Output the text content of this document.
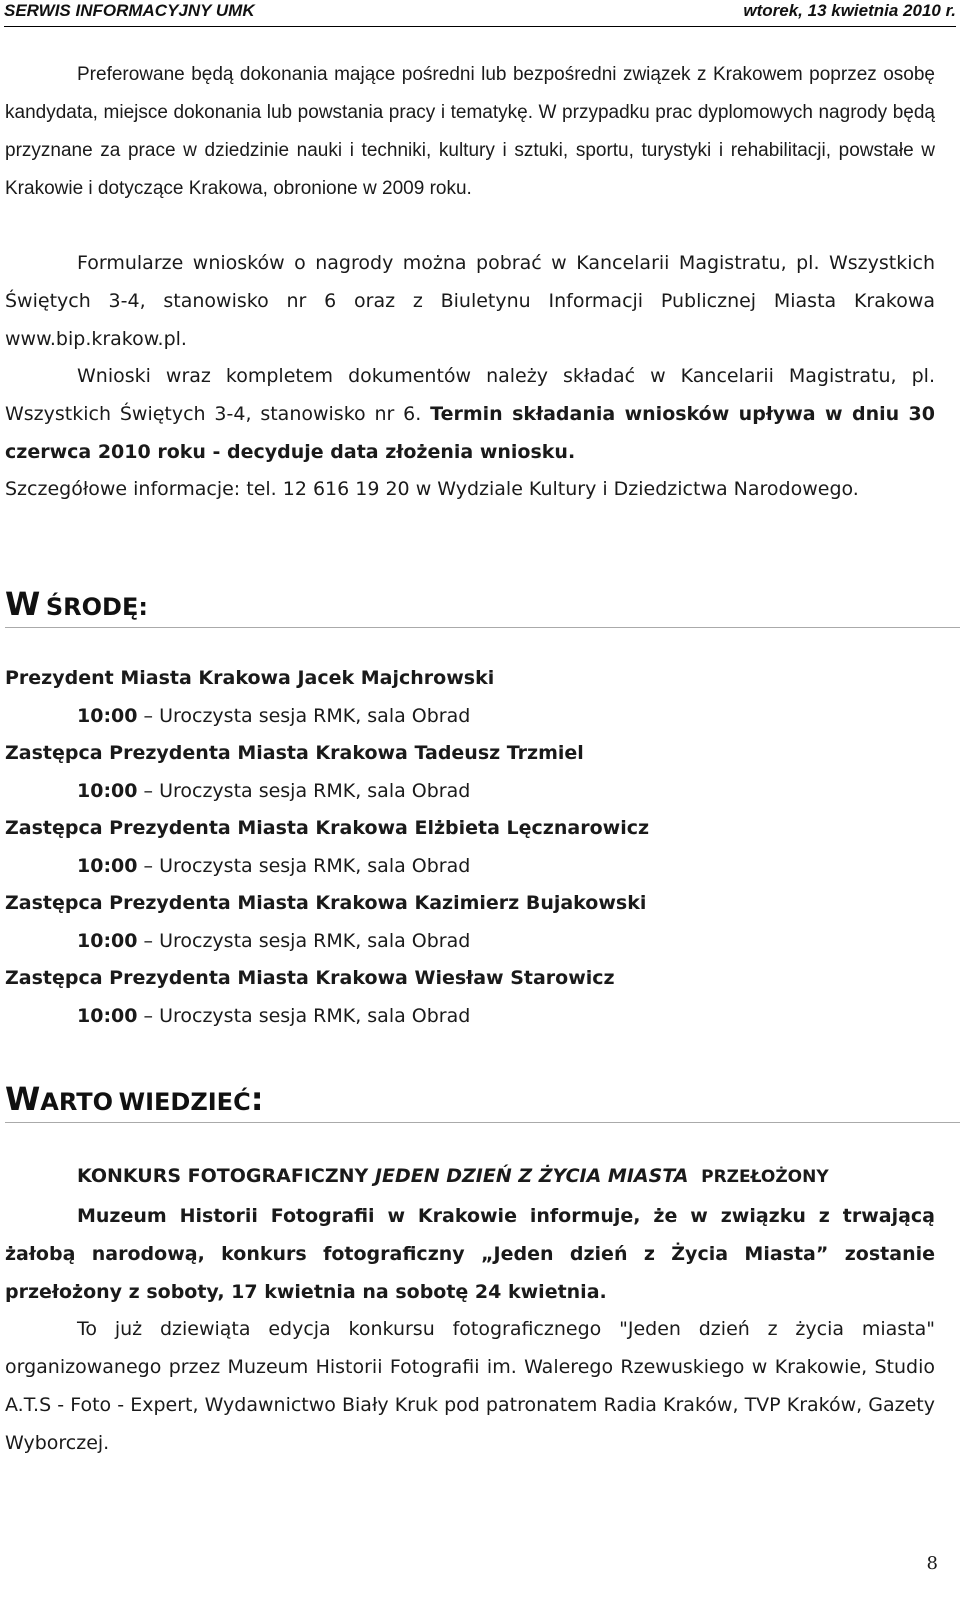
SERWIS INFORMACYJNY UMK	wtorek, 13 kwietnia 2010 r.

Preferowane będą dokonania mające pośredni lub bezpośredni związek z Krakowem poprzez osobę kandydata, miejsce dokonania lub powstania pracy i tematykę. W przypadku prac dyplomowych nagrody będą przyznane za prace w dziedzinie nauki i techniki, kultury i sztuki, sportu, turystyki i rehabilitacji, powstałe w Krakowie i dotyczące Krakowa, obronione w 2009 roku.

Formularze wniosków o nagrody można pobrać w Kancelarii Magistratu, pl. Wszystkich Świętych 3-4, stanowisko nr 6 oraz z Biuletynu Informacji Publicznej Miasta Krakowa www.bip.krakow.pl.

Wnioski wraz kompletem dokumentów należy składać w Kancelarii Magistratu, pl. Wszystkich Świętych 3-4, stanowisko nr 6. Termin składania wniosków upływa w dniu 30 czerwca 2010 roku - decyduje data złożenia wniosku.

Szczegółowe informacje: tel. 12 616 19 20 w Wydziale Kultury i Dziedzictwa Narodowego.

W ŚRODĘ:
Prezydent Miasta Krakowa Jacek Majchrowski
10:00 – Uroczysta sesja RMK, sala Obrad
Zastępca Prezydenta Miasta Krakowa Tadeusz Trzmiel
10:00 – Uroczysta sesja RMK, sala Obrad
Zastępca Prezydenta Miasta Krakowa Elżbieta Lęcznarowicz
10:00 – Uroczysta sesja RMK, sala Obrad
Zastępca Prezydenta Miasta Krakowa Kazimierz Bujakowski
10:00 – Uroczysta sesja RMK, sala Obrad
Zastępca Prezydenta Miasta Krakowa Wiesław Starowicz
10:00 – Uroczysta sesja RMK, sala Obrad
WARTO WIEDZIEĆ:
KONKURS FOTOGRAFICZNY JEDEN DZIEŃ Z ŻYCIA MIASTA PRZEŁOŻONY

Muzeum Historii Fotografii w Krakowie informuje, że w związku z trwającą żałobą narodową, konkurs fotograficzny „Jeden dzień z Życia Miasta” zostanie przełożony z soboty, 17 kwietnia na sobotę 24 kwietnia.

To już dziewiąta edycja konkursu fotograficznego "Jeden dzień z życia miasta" organizowanego przez Muzeum Historii Fotografii im. Walerego Rzewuskiego w Krakowie, Studio A.T.S - Foto - Expert, Wydawnictwo Biały Kruk pod patronatem Radia Kraków, TVP Kraków, Gazety Wyborczej.

8
